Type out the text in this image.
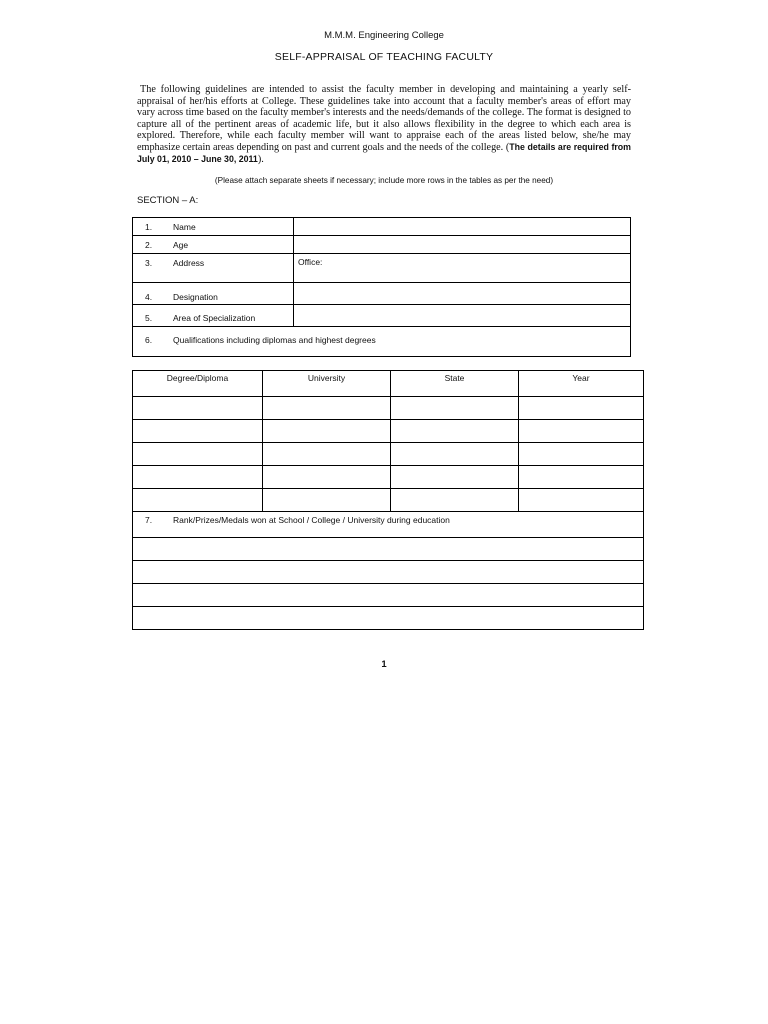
M.M.M. Engineering College
SELF-APPRAISAL OF TEACHING FACULTY
The following guidelines are intended to assist the faculty member in developing and maintaining a yearly self-appraisal of her/his efforts at College. These guidelines take into account that a faculty member's areas of effort may vary across time based on the faculty member's interests and the needs/demands of the college. The format is designed to capture all of the pertinent areas of academic life, but it also allows flexibility in the degree to which each area is explored. Therefore, while each faculty member will want to appraise each of the areas listed below, she/he may emphasize certain areas depending on past and current goals and the needs of the college. (The details are required from July 01, 2010 – June 30, 2011).
(Please attach separate sheets if necessary; include more rows in the tables as per the need)
SECTION – A:
1. Name	
2. Age	
3. Address	Office:
4. Designation	
5. Area of Specialization	
6. Qualifications including diplomas and highest degrees	
Degree/Diploma	University	State	Year

7. Rank/Prizes/Medals won at School / College / University during education			

1
